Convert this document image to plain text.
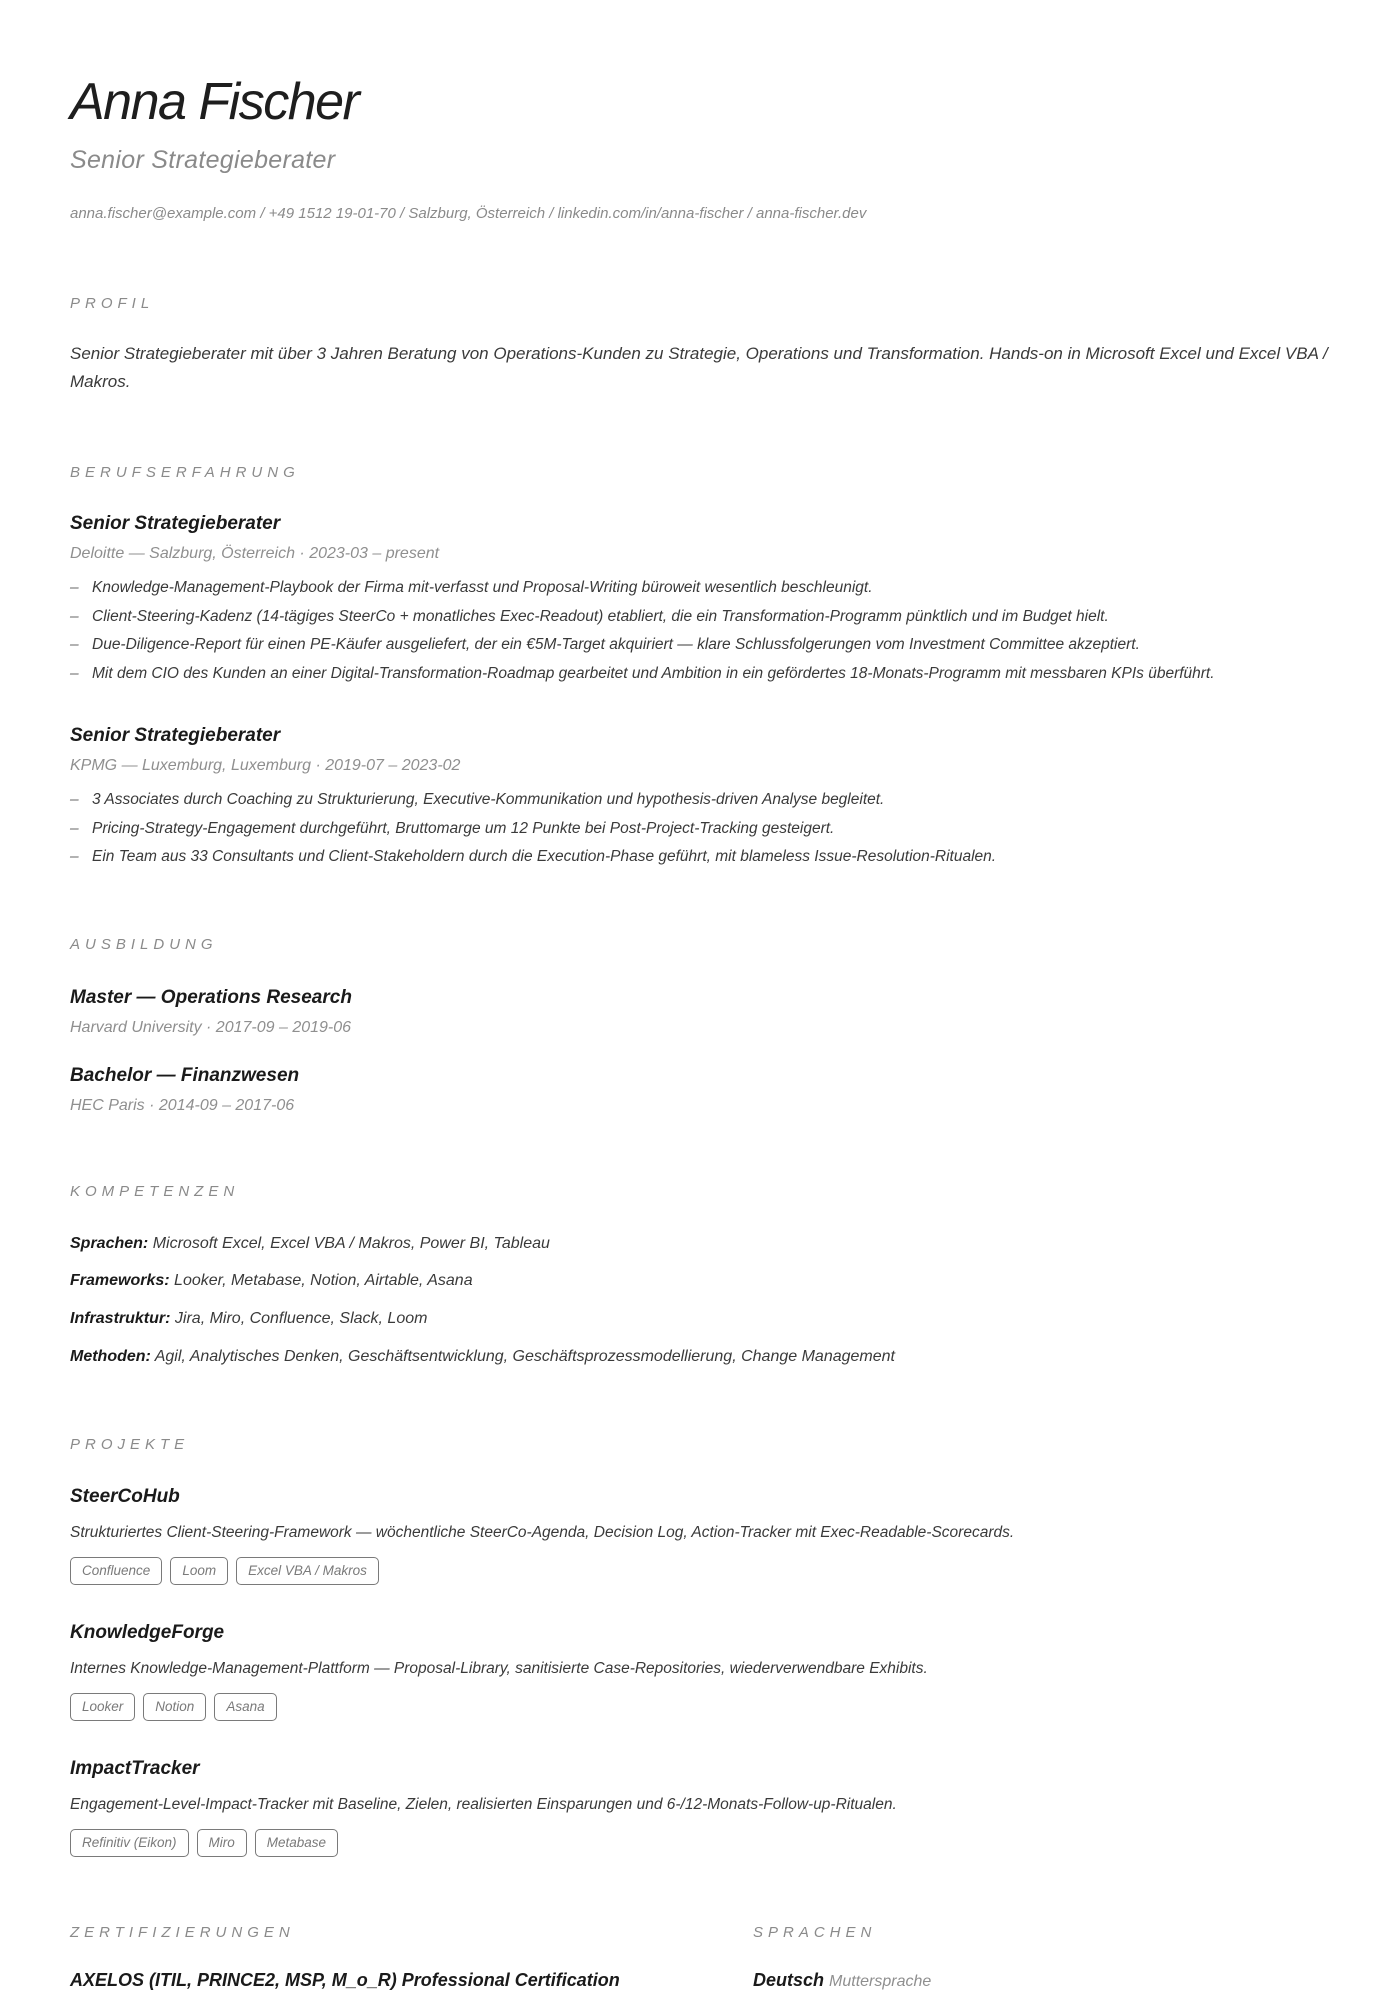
Anna Fischer
Senior Strategieberater
anna.fischer@example.com / +49 1512 19-01-70 / Salzburg, Österreich / linkedin.com/in/anna-fischer / anna-fischer.dev
PROFIL
Senior Strategieberater mit über 3 Jahren Beratung von Operations-Kunden zu Strategie, Operations und Transformation. Hands-on in Microsoft Excel und Excel VBA / Makros.
BERUFSERFAHRUNG
Senior Strategieberater
Deloitte — Salzburg, Österreich · 2023-03 – present
– Knowledge-Management-Playbook der Firma mit-verfasst und Proposal-Writing büroweit wesentlich beschleunigt.
– Client-Steering-Kadenz (14-tägiges SteerCo + monatliches Exec-Readout) etabliert, die ein Transformation-Programm pünktlich und im Budget hielt.
– Due-Diligence-Report für einen PE-Käufer ausgeliefert, der ein €5M-Target akquiriert — klare Schlussfolgerungen vom Investment Committee akzeptiert.
– Mit dem CIO des Kunden an einer Digital-Transformation-Roadmap gearbeitet und Ambition in ein gefördertes 18-Monats-Programm mit messbaren KPIs überführt.
Senior Strategieberater
KPMG — Luxemburg, Luxemburg · 2019-07 – 2023-02
– 3 Associates durch Coaching zu Strukturierung, Executive-Kommunikation und hypothesis-driven Analyse begleitet.
– Pricing-Strategy-Engagement durchgeführt, Bruttomarge um 12 Punkte bei Post-Project-Tracking gesteigert.
– Ein Team aus 33 Consultants und Client-Stakeholdern durch die Execution-Phase geführt, mit blameless Issue-Resolution-Ritualen.
AUSBILDUNG
Master — Operations Research
Harvard University · 2017-09 – 2019-06
Bachelor — Finanzwesen
HEC Paris · 2014-09 – 2017-06
KOMPETENZEN
Sprachen: Microsoft Excel, Excel VBA / Makros, Power BI, Tableau
Frameworks: Looker, Metabase, Notion, Airtable, Asana
Infrastruktur: Jira, Miro, Confluence, Slack, Loom
Methoden: Agil, Analytisches Denken, Geschäftsentwicklung, Geschäftsprozessmodellierung, Change Management
PROJEKTE
SteerCoHub
Strukturiertes Client-Steering-Framework — wöchentliche SteerCo-Agenda, Decision Log, Action-Tracker mit Exec-Readable-Scorecards.
Confluence	Loom	Excel VBA / Makros
KnowledgeForge
Internes Knowledge-Management-Plattform — Proposal-Library, sanitisierte Case-Repositories, wiederverwendbare Exhibits.
Looker	Notion	Asana
ImpactTracker
Engagement-Level-Impact-Tracker mit Baseline, Zielen, realisierten Einsparungen und 6-/12-Monats-Follow-up-Ritualen.
Refinitiv (Eikon)	Miro	Metabase
ZERTIFIZIERUNGEN	SPRACHEN
AXELOS (ITIL, PRINCE2, MSP, M_o_R) Professional Certification	Deutsch Muttersprache
